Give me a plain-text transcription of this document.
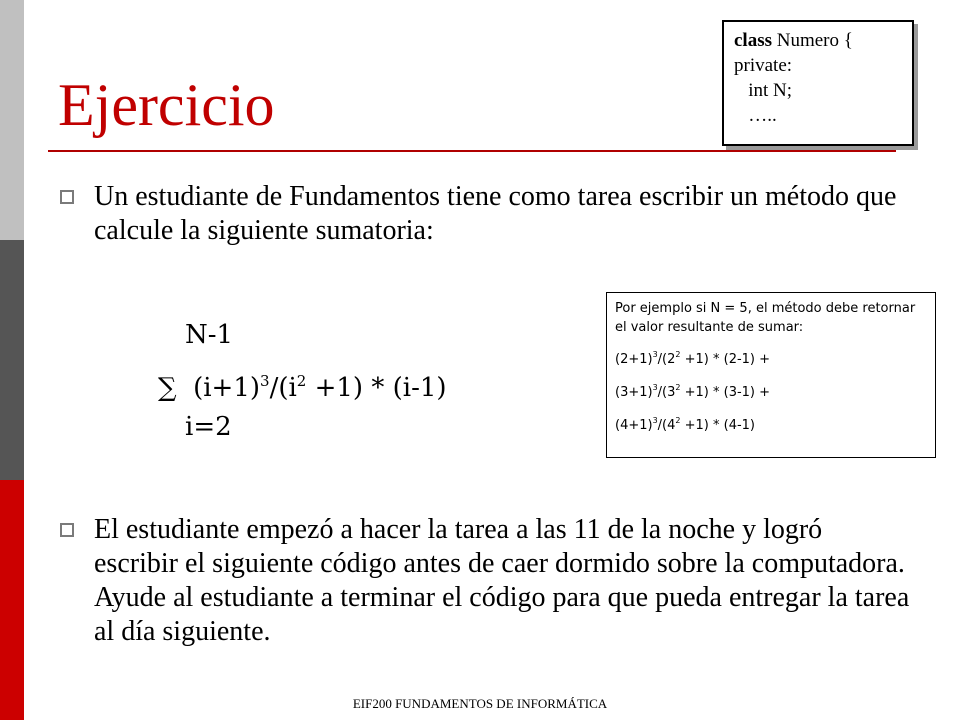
Ejercicio
class Numero {
private:
int N;
…..
Un estudiante de Fundamentos tiene como tarea escribir un método que calcule la siguiente sumatoria:
N-1
∑  $(i+1)^3/(i^2 +1) * (i-1)$
i=2

Por ejemplo si N = 5, el método debe retornar el valor resultante de sumar:

$(2+1)^3/(2^2 +1) * (2-1)$ +
$(3+1)^3/(3^2 +1) * (3-1)$ +
$(4+1)^3/(4^2 +1) * (4-1)$
El estudiante empezó a hacer la tarea a las 11 de la noche y logró escribir el siguiente código antes de caer dormido sobre la computadora. Ayude al estudiante a terminar el código para que pueda entregar la tarea al día siguiente.
EIF200 FUNDAMENTOS DE INFORMÁTICA
